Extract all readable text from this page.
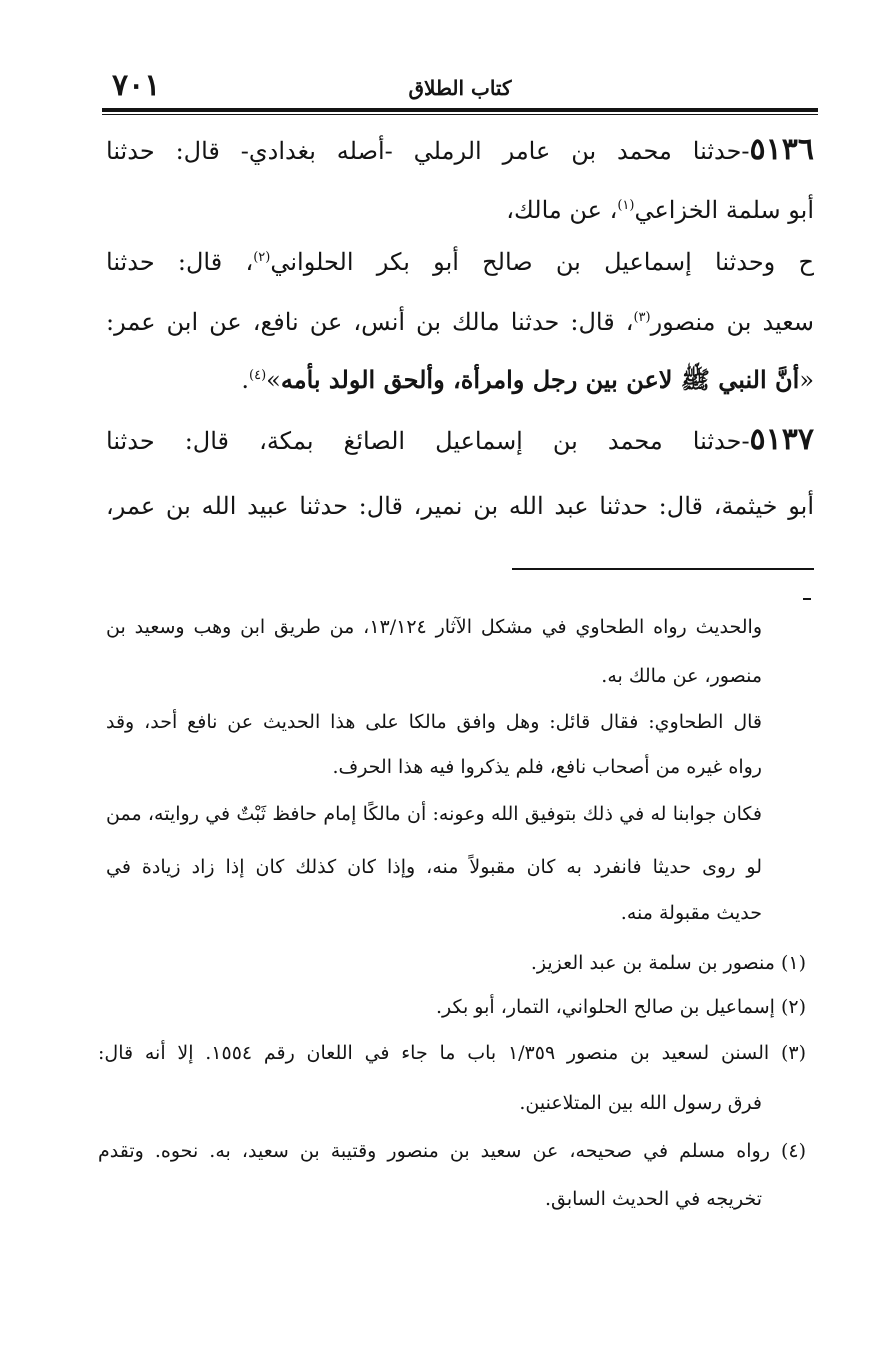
٧٠١	كتاب الطلاق
٥١٣٦-حدثنا محمد بن عامر الرملي -أصله بغدادي- قال: حدثنا
أبو سلمة الخزاعي$^{(١)}$، عن مالك،
ح وحدثنا إسماعيل بن صالح أبو بكر الحلواني$^{(٢)}$، قال: حدثنا
سعيد بن منصور$^{(٣)}$، قال: حدثنا مالك بن أنس، عن نافع، عن ابن عمر:
«أنَّ النبي ﷺ لاعن بين رجل وامرأة، وألحق الولد بأمه»$^{(٤)}$.
٥١٣٧-حدثنا محمد بن إسماعيل الصائغ بمكة، قال: حدثنا
أبو خيثمة، قال: حدثنا عبد الله بن نمير، قال: حدثنا عبيد الله بن عمر،
والحديث رواه الطحاوي في مشكل الآثار ١٣/١٢٤، من طريق ابن وهب وسعيد بن
منصور، عن مالك به.
قال الطحاوي: فقال قائل: وهل وافق مالكا على هذا الحديث عن نافع أحد، وقد
رواه غيره من أصحاب نافع، فلم يذكروا فيه هذا الحرف.
فكان جوابنا له في ذلك بتوفيق الله وعونه: أن مالكًا إمام حافظ ثَبْتٌ في روايته، ممن
لو روى حديثا فانفرد به كان مقبولاً منه، وإذا كان كذلك كان إذا زاد زيادة في
حديث مقبولة منه.
(١) منصور بن سلمة بن عبد العزيز.
(٢) إسماعيل بن صالح الحلواني، التمار، أبو بكر.
(٣) السنن لسعيد بن منصور ١/٣٥٩ باب ما جاء في اللعان رقم ١٥٥٤. إلا أنه قال:
فرق رسول الله بين المتلاعنين.
(٤) رواه مسلم في صحيحه، عن سعيد بن منصور وقتيبة بن سعيد، به. نحوه. وتقدم
تخريجه في الحديث السابق.
